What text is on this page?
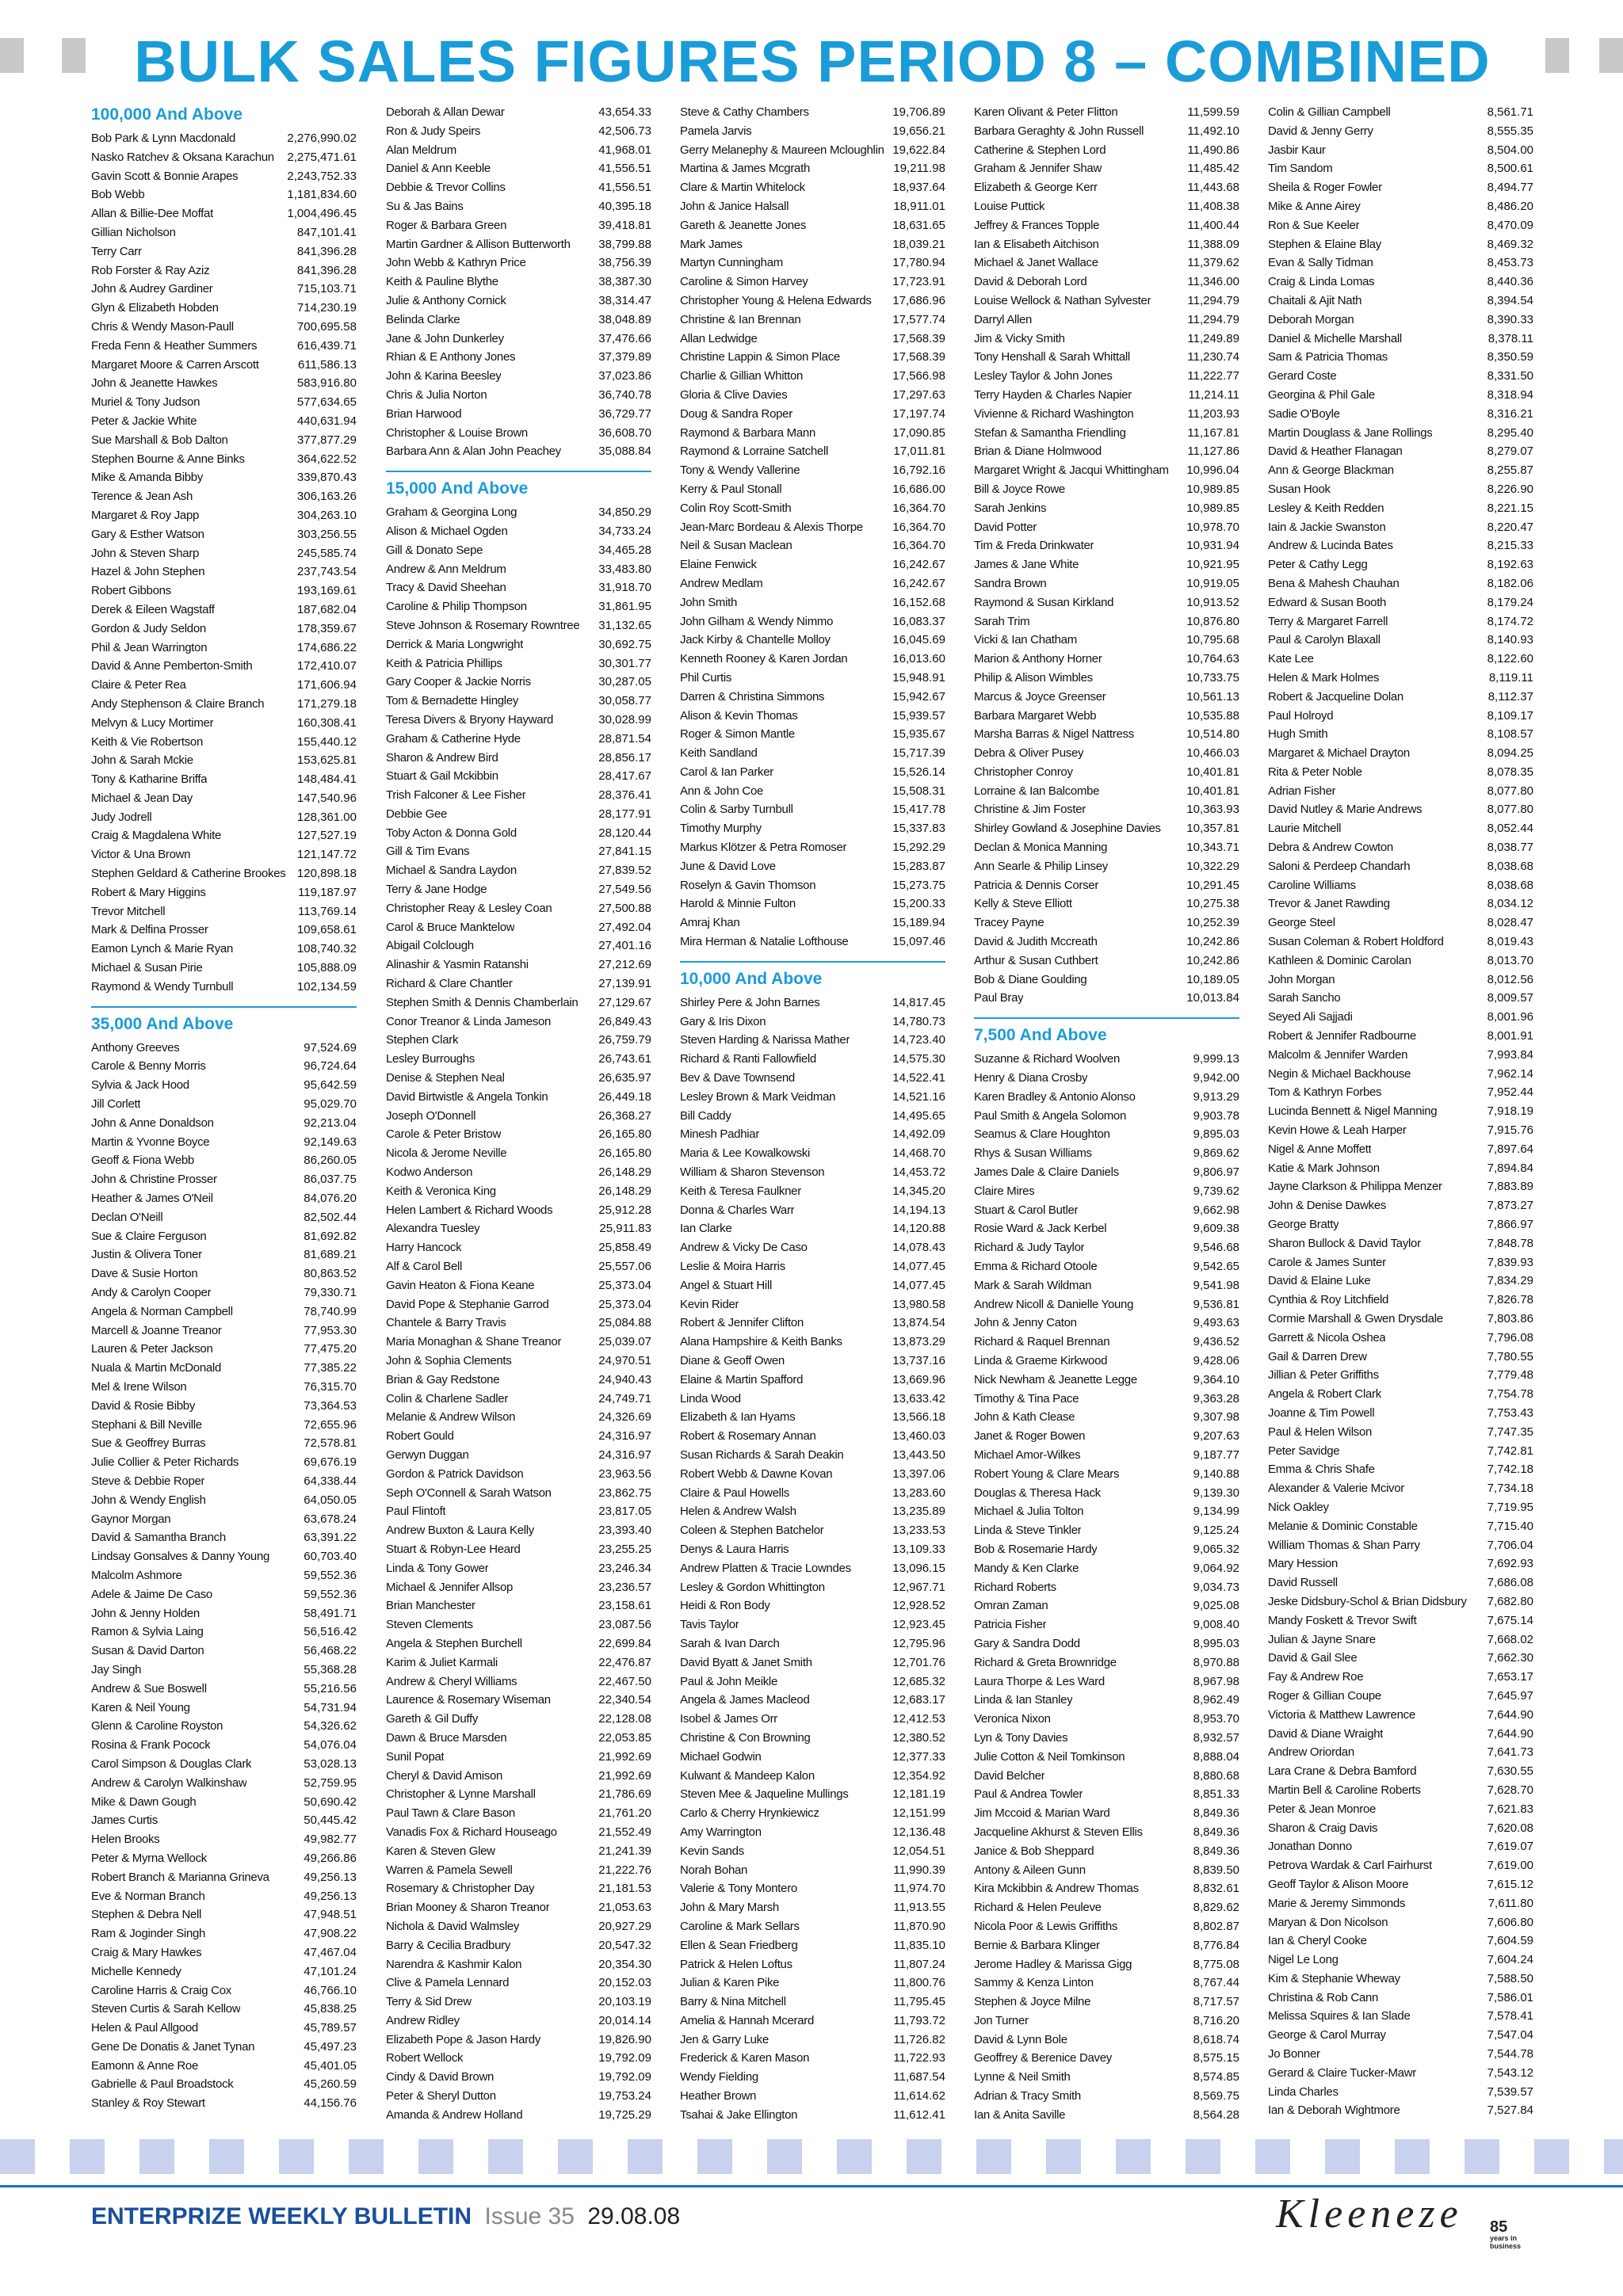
BULK SALES FIGURES PERIOD 8 – COMBINED
100,000 And Above
Bob Park & Lynn Macdonald	2,276,990.02
Nasko Ratchev & Oksana Karachun 2,275,471.61
Gavin Scott & Bonnie Arapes	2,243,752.33
Bob Webb	1,181,834.60
Allan & Billie-Dee Moffat	1,004,496.45
Gillian Nicholson	847,101.41
Terry Carr	841,396.28
Rob Forster & Ray Aziz	841,396.28
John & Audrey Gardiner	715,103.71
Glyn & Elizabeth Hobden	714,230.19
Chris & Wendy Mason-Paull	700,695.58
Freda Fenn & Heather Summers	616,439.71
Margaret Moore & Carren Arscott	611,586.13
John & Jeanette Hawkes	583,916.80
Muriel & Tony Judson	577,634.65
Peter & Jackie White	440,631.94
Sue Marshall & Bob Dalton	377,877.29
Stephen Bourne & Anne Binks	364,622.52
Mike & Amanda Bibby	339,870.43
Terence & Jean Ash	306,163.26
Margaret & Roy Japp	304,263.10
Gary & Esther Watson	303,256.55
John & Steven Sharp	245,585.74
Hazel & John Stephen	237,743.54
Robert Gibbons	193,169.61
Derek & Eileen Wagstaff	187,682.04
Gordon & Judy Seldon	178,359.67
Phil & Jean Warrington	174,686.22
David & Anne Pemberton-Smith	172,410.07
Claire & Peter Rea	171,606.94
Andy Stephenson & Claire Branch	171,279.18
Melvyn & Lucy Mortimer	160,308.41
Keith & Vie Robertson	155,440.12
John & Sarah Mckie	153,625.81
Tony & Katharine Briffa	148,484.41
Michael & Jean Day	147,540.96
Judy Jodrell	128,361.00
Craig & Magdalena White	127,527.19
Victor & Una Brown	121,147.72
Stephen Geldard & Catherine Brookes 120,898.18
Robert & Mary Higgins	119,187.97
Trevor Mitchell	113,769.14
Mark & Delfina Prosser	109,658.61
Eamon Lynch & Marie Ryan	108,740.32
Michael & Susan Pirie	105,888.09
Raymond & Wendy Turnbull	102,134.59
35,000 And Above
Anthony Greeves	97,524.69
Carole & Benny Morris	96,724.64
Sylvia & Jack Hood	95,642.59
Jill Corlett	95,029.70
John & Anne Donaldson	92,213.04
Martin & Yvonne Boyce	92,149.63
Geoff & Fiona Webb	86,260.05
John & Christine Prosser	86,037.75
Heather & James O'Neil	84,076.20
Declan O'Neill	82,502.44
Sue & Claire Ferguson	81,692.82
Justin & Olivera Toner	81,689.21
Dave & Susie Horton	80,863.52
Andy & Carolyn Cooper	79,330.71
Angela & Norman Campbell	78,740.99
Marcell & Joanne Treanor	77,953.30
Lauren & Peter Jackson	77,475.20
Nuala & Martin McDonald	77,385.22
Mel & Irene Wilson	76,315.70
David & Rosie Bibby	73,364.53
Stephani & Bill Neville	72,655.96
Sue & Geoffrey Burras	72,578.81
Julie Collier & Peter Richards	69,676.19
Steve & Debbie Roper	64,338.44
John & Wendy English	64,050.05
Gaynor Morgan	63,678.24
David & Samantha Branch	63,391.22
Lindsay Gonsalves & Danny Young	60,703.40
Malcolm Ashmore	59,552.36
Adele & Jaime De Caso	59,552.36
John & Jenny Holden	58,491.71
Ramon & Sylvia Laing	56,516.42
Susan & David Darton	56,468.22
Jay Singh	55,368.28
Andrew & Sue Boswell	55,216.56
Karen & Neil Young	54,731.94
Glenn & Caroline Royston	54,326.62
Rosina & Frank Pocock	54,076.04
Carol Simpson & Douglas Clark	53,028.13
Andrew & Carolyn Walkinshaw	52,759.95
Mike & Dawn Gough	50,690.42
James Curtis	50,445.42
Helen Brooks	49,982.77
Peter & Myrna Wellock	49,266.86
Robert Branch & Marianna Grineva	49,256.13
Eve & Norman Branch	49,256.13
Stephen & Debra Nell	47,948.51
Ram & Joginder Singh	47,908.22
Craig & Mary Hawkes	47,467.04
Michelle Kennedy	47,101.24
Caroline Harris & Craig Cox	46,766.10
Steven Curtis & Sarah Kellow	45,838.25
Helen & Paul Allgood	45,789.57
Gene De Donatis & Janet Tynan	45,497.23
Eamonn & Anne Roe	45,401.05
Gabrielle & Paul Broadstock	45,260.59
Stanley & Roy Stewart	44,156.76
Deborah & Allan Dewar	43,654.33
Ron & Judy Speirs	42,506.73
Alan Meldrum	41,968.01
Daniel & Ann Keeble	41,556.51
Debbie & Trevor Collins	41,556.51
Su & Jas Bains	40,395.18
Roger & Barbara Green	39,418.81
Martin Gardner & Allison Butterworth 38,799.88
John Webb & Kathryn Price	38,756.39
Keith & Pauline Blythe	38,387.30
Julie & Anthony Cornick	38,314.47
Belinda Clarke	38,048.89
Jane & John Dunkerley	37,476.66
Rhian & E Anthony Jones	37,379.89
John & Karina Beesley	37,023.86
Chris & Julia Norton	36,740.78
Brian Harwood	36,729.77
Christopher & Louise Brown	36,608.70
Barbara Ann & Alan John Peachey	35,088.84
15,000 And Above
Graham & Georgina Long	34,850.29
Alison & Michael Ogden	34,733.24
Gill & Donato Sepe	34,465.28
Andrew & Ann Meldrum	33,483.80
Tracy & David Sheehan	31,918.70
Caroline & Philip Thompson	31,861.95
Steve Johnson & Rosemary Rowntree 31,132.65
Derrick & Maria Longwright	30,692.75
Keith & Patricia Phillips	30,301.77
Gary Cooper & Jackie Norris	30,287.05
Tom & Bernadette Hingley	30,058.77
Teresa Divers & Bryony Hayward	30,028.99
Graham & Catherine Hyde	28,871.54
Sharon & Andrew Bird	28,856.17
Stuart & Gail Mckibbin	28,417.67
Trish Falconer & Lee Fisher	28,376.41
Debbie Gee	28,177.91
Toby Acton & Donna Gold	28,120.44
Gill & Tim Evans	27,841.15
Michael & Sandra Laydon	27,839.52
Terry & Jane Hodge	27,549.56
Christopher Reay & Lesley Coan	27,500.88
Carol & Bruce Manktelow	27,492.04
Abigail Colclough	27,401.16
Alinashir & Yasmin Ratanshi	27,212.69
Richard & Clare Chantler	27,139.91
Stephen Smith & Dennis Chamberlain 27,129.67
Conor Treanor & Linda Jameson	26,849.43
Stephen Clark	26,759.79
Lesley Burroughs	26,743.61
Denise & Stephen Neal	26,635.97
David Birtwistle & Angela Tonkin	26,449.18
Joseph O'Donnell	26,368.27
Carole & Peter Bristow	26,165.80
Nicola & Jerome Neville	26,165.80
Kodwo Anderson	26,148.29
Keith & Veronica King	26,148.29
Helen Lambert & Richard Woods	25,912.28
Alexandra Tuesley	25,911.83
Harry Hancock	25,858.49
Alf & Carol Bell	25,557.06
Gavin Heaton & Fiona Keane	25,373.04
David Pope & Stephanie Garrod	25,373.04
Chantele & Barry Travis	25,084.88
Maria Monaghan & Shane Treanor	25,039.07
John & Sophia Clements	24,970.51
Brian & Gay Redstone	24,940.43
Colin & Charlene Sadler	24,749.71
Melanie & Andrew Wilson	24,326.69
Robert Gould	24,316.97
Gerwyn Duggan	24,316.97
Gordon & Patrick Davidson	23,963.56
Seph O'Connell & Sarah Watson	23,862.75
Paul Flintoft	23,817.05
Andrew Buxton & Laura Kelly	23,393.40
Stuart & Robyn-Lee Heard	23,255.25
Linda & Tony Gower	23,246.34
Michael & Jennifer Allsop	23,236.57
Brian Manchester	23,158.61
Steven Clements	23,087.56
Angela & Stephen Burchell	22,699.84
Karim & Juliet Karmali	22,476.87
Andrew & Cheryl Williams	22,467.50
Laurence & Rosemary Wiseman	22,340.54
Gareth & Gil Duffy	22,128.08
Dawn & Bruce Marsden	22,053.85
Sunil Popat	21,992.69
Cheryl & David Amison	21,992.69
Christopher & Lynne Marshall	21,786.69
Paul Tawn & Clare Bason	21,761.20
Vanadis Fox & Richard Houseago	21,552.49
Karen & Steven Glew	21,241.39
Warren & Pamela Sewell	21,222.76
Rosemary & Christopher Day	21,181.53
Brian Mooney & Sharon Treanor	21,053.63
Nichola & David Walmsley	20,927.29
Barry & Cecilia Bradbury	20,547.32
Narendra & Kashmir Kalon	20,354.30
Clive & Pamela Lennard	20,152.03
Terry & Sid Drew	20,103.19
Andrew Ridley	20,014.14
Elizabeth Pope & Jason Hardy	19,826.90
Robert Wellock	19,792.09
Cindy & David Brown	19,792.09
Peter & Sheryl Dutton	19,753.24
Amanda & Andrew Holland	19,725.29
Steve & Cathy Chambers	19,706.89
Pamela Jarvis	19,656.21
Gerry Melanephy & Maureen Mcloughlin 19,622.84
Martina & James Mcgrath	19,211.98
Clare & Martin Whitelock	18,937.64
John & Janice Halsall	18,911.01
Gareth & Jeanette Jones	18,631.65
Mark James	18,039.21
Martyn Cunningham	17,780.94
Caroline & Simon Harvey	17,723.91
Christopher Young & Helena Edwards 17,686.96
Christine & Ian Brennan	17,577.74
Allan Ledwidge	17,568.39
Christine Lappin & Simon Place	17,568.39
Charlie & Gillian Whitton	17,566.98
Gloria & Clive Davies	17,297.63
Doug & Sandra Roper	17,197.74
Raymond & Barbara Mann	17,090.85
Raymond & Lorraine Satchell	17,011.81
Tony & Wendy Vallerine	16,792.16
Kerry & Paul Stonall	16,686.00
Colin Roy Scott-Smith	16,364.70
Jean-Marc Bordeau & Alexis Thorpe 16,364.70
Neil & Susan Maclean	16,364.70
Elaine Fenwick	16,242.67
Andrew Medlam	16,242.67
John Smith	16,152.68
John Gilham & Wendy Nimmo	16,083.37
Jack Kirby & Chantelle Molloy	16,045.69
Kenneth Rooney & Karen Jordan	16,013.60
Phil Curtis	15,948.91
Darren & Christina Simmons	15,942.67
Alison & Kevin Thomas	15,939.57
Roger & Simon Mantle	15,935.67
Keith Sandland	15,717.39
Carol & Ian Parker	15,526.14
Ann & John Coe	15,508.31
Colin & Sarby Turnbull	15,417.78
Timothy Murphy	15,337.83
Markus Klötzer & Petra Romoser	15,292.29
June & David Love	15,283.87
Roselyn & Gavin Thomson	15,273.75
Harold & Minnie Fulton	15,200.33
Amraj Khan	15,189.94
Mira Herman & Natalie Lofthouse	15,097.46
10,000 And Above
Shirley Pere & John Barnes	14,817.45
Gary & Iris Dixon	14,780.73
Steven Harding & Narissa Mather	14,723.40
Richard & Ranti Fallowfield	14,575.30
Bev & Dave Townsend	14,522.41
Lesley Brown & Mark Veidman	14,521.16
Bill Caddy	14,495.65
Minesh Padhiar	14,492.09
Maria & Lee Kowalkowski	14,468.70
William & Sharon Stevenson	14,453.72
Keith & Teresa Faulkner	14,345.20
Donna & Charles Warr	14,194.13
Ian Clarke	14,120.88
Andrew & Vicky De Caso	14,078.43
Leslie & Moira Harris	14,077.45
Angel & Stuart Hill	14,077.45
Kevin Rider	13,980.58
Robert & Jennifer Clifton	13,874.54
Alana Hampshire & Keith Banks	13,873.29
Diane & Geoff Owen	13,737.16
Elaine & Martin Spafford	13,669.96
Linda Wood	13,633.42
Elizabeth & Ian Hyams	13,566.18
Robert & Rosemary Annan	13,460.03
Susan Richards & Sarah Deakin	13,443.50
Robert Webb & Dawne Kovan	13,397.06
Claire & Paul Howells	13,283.60
Helen & Andrew Walsh	13,235.89
Coleen & Stephen Batchelor	13,233.53
Denys & Laura Harris	13,109.33
Andrew Platten & Tracie Lowndes	13,096.15
Lesley & Gordon Whittington	12,967.71
Heidi & Ron Body	12,928.52
Tavis Taylor	12,923.45
Sarah & Ivan Darch	12,795.96
David Byatt & Janet Smith	12,701.76
Paul & John Meikle	12,685.32
Angela & James Macleod	12,683.17
Isobel & James Orr	12,412.53
Christine & Con Browning	12,380.52
Michael Godwin	12,377.33
Kulwant & Mandeep Kalon	12,354.92
Steven Mee & Jaqueline Mullings	12,181.19
Carlo & Cherry Hrynkiewicz	12,151.99
Amy Warrington	12,136.48
Kevin Sands	12,054.51
Norah Bohan	11,990.39
Valerie & Tony Montero	11,974.70
John & Mary Marsh	11,913.55
Caroline & Mark Sellars	11,870.90
Ellen & Sean Friedberg	11,835.10
Patrick & Helen Loftus	11,807.24
Julian & Karen Pike	11,800.76
Barry & Nina Mitchell	11,795.45
Amelia & Hannah Mcerard	11,793.72
Jen & Garry Luke	11,726.82
Frederick & Karen Mason	11,722.93
Wendy Fielding	11,687.54
Heather Brown	11,614.62
Tsahai & Jake Ellington	11,612.41
Karen Olivant & Peter Flitton	11,599.59
Barbara Geraghty & John Russell	11,492.10
Catherine & Stephen Lord	11,490.86
Graham & Jennifer Shaw	11,485.42
Elizabeth & George Kerr	11,443.68
Louise Puttick	11,408.38
Jeffrey & Frances Topple	11,400.44
Ian & Elisabeth Aitchison	11,388.09
Michael & Janet Wallace	11,379.62
David & Deborah Lord	11,346.00
Louise Wellock & Nathan Sylvester	11,294.79
Darryl Allen	11,294.79
Jim & Vicky Smith	11,249.89
Tony Henshall & Sarah Whittall	11,230.74
Lesley Taylor & John Jones	11,222.77
Terry Hayden & Charles Napier	11,214.11
Vivienne & Richard Washington	11,203.93
Stefan & Samantha Friendling	11,167.81
Brian & Diane Holmwood	11,127.86
Margaret Wright & Jacqui Whittingham 10,996.04
Bill & Joyce Rowe	10,989.85
Sarah Jenkins	10,989.85
David Potter	10,978.70
Tim & Freda Drinkwater	10,931.94
James & Jane White	10,921.95
Sandra Brown	10,919.05
Raymond & Susan Kirkland	10,913.52
Sarah Trim	10,876.80
Vicki & Ian Chatham	10,795.68
Marion & Anthony Horner	10,764.63
Philip & Alison Wimbles	10,733.75
Marcus & Joyce Greenser	10,561.13
Barbara Margaret Webb	10,535.88
Marsha Barras & Nigel Nattress	10,514.80
Debra & Oliver Pusey	10,466.03
Christopher Conroy	10,401.81
Lorraine & Ian Balcombe	10,401.81
Christine & Jim Foster	10,363.93
Shirley Gowland & Josephine Davies 10,357.81
Declan & Monica Manning	10,343.71
Ann Searle & Philip Linsey	10,322.29
Patricia & Dennis Corser	10,291.45
Kelly & Steve Elliott	10,275.38
Tracey Payne	10,252.39
David & Judith Mccreath	10,242.86
Arthur & Susan Cuthbert	10,242.86
Bob & Diane Goulding	10,189.05
Paul Bray	10,013.84
7,500 And Above
Suzanne & Richard Woolven	9,999.13
Henry & Diana Crosby	9,942.00
Karen Bradley & Antonio Alonso	9,913.29
Paul Smith & Angela Solomon	9,903.78
Seamus & Clare Houghton	9,895.03
Rhys & Susan Williams	9,869.62
James Dale & Claire Daniels	9,806.97
Claire Mires	9,739.62
Stuart & Carol Butler	9,662.98
Rosie Ward & Jack Kerbel	9,609.38
Richard & Judy Taylor	9,546.68
Emma & Richard Otoole	9,542.65
Mark & Sarah Wildman	9,541.98
Andrew Nicoll & Danielle Young	9,536.81
John & Jenny Caton	9,493.63
Richard & Raquel Brennan	9,436.52
Linda & Graeme Kirkwood	9,428.06
Nick Newham & Jeanette Legge	9,364.10
Timothy & Tina Pace	9,363.28
John & Kath Clease	9,307.98
Janet & Roger Bowen	9,207.63
Michael Amor-Wilkes	9,187.77
Robert Young & Clare Mears	9,140.88
Douglas & Theresa Hack	9,139.30
Michael & Julia Tolton	9,134.99
Linda & Steve Tinkler	9,125.24
Bob & Rosemarie Hardy	9,065.32
Mandy & Ken Clarke	9,064.92
Richard Roberts	9,034.73
Omran Zaman	9,025.08
Patricia Fisher	9,008.40
Gary & Sandra Dodd	8,995.03
Richard & Greta Brownridge	8,970.88
Laura Thorpe & Les Ward	8,967.98
Linda & Ian Stanley	8,962.49
Veronica Nixon	8,953.70
Lyn & Tony Davies	8,932.57
Julie Cotton & Neil Tomkinson	8,888.04
David Belcher	8,880.68
Paul & Andrea Towler	8,851.33
Jim Mccoid & Marian Ward	8,849.36
Jacqueline Akhurst & Steven Ellis	8,849.36
Janice & Bob Sheppard	8,849.36
Antony & Aileen Gunn	8,839.50
Kira Mckibbin & Andrew Thomas	8,832.61
Richard & Helen Peuleve	8,829.62
Nicola Poor & Lewis Griffiths	8,802.87
Bernie & Barbara Klinger	8,776.84
Jerome Hadley & Marissa Gigg	8,775.08
Sammy & Kenza Linton	8,767.44
Stephen & Joyce Milne	8,717.57
Jon Turner	8,716.20
David & Lynn Bole	8,618.74
Geoffrey & Berenice Davey	8,575.15
Lynne & Neil Smith	8,574.85
Adrian & Tracy Smith	8,569.75
Ian & Anita Saville	8,564.28
Colin & Gillian Campbell	8,561.71
David & Jenny Gerry	8,555.35
Jasbir Kaur	8,504.00
Tim Sandom	8,500.61
Sheila & Roger Fowler	8,494.77
Mike & Anne Airey	8,486.20
Ron & Sue Keeler	8,470.09
Stephen & Elaine Blay	8,469.32
Evan & Sally Tidman	8,453.73
Craig & Linda Lomas	8,440.36
Chaitali & Ajit Nath	8,394.54
Deborah Morgan	8,390.33
Daniel & Michelle Marshall	8,378.11
Sam & Patricia Thomas	8,350.59
Gerard Coste	8,331.50
Georgina & Phil Gale	8,318.94
Sadie O'Boyle	8,316.21
Martin Douglass & Jane Rollings	8,295.40
David & Heather Flanagan	8,279.07
Ann & George Blackman	8,255.87
Susan Hook	8,226.90
Lesley & Keith Redden	8,221.15
Iain & Jackie Swanston	8,220.47
Andrew & Lucinda Bates	8,215.33
Peter & Cathy Legg	8,192.63
Bena & Mahesh Chauhan	8,182.06
Edward & Susan Booth	8,179.24
Terry & Margaret Farrell	8,174.72
Paul & Carolyn Blaxall	8,140.93
Kate Lee	8,122.60
Helen & Mark Holmes	8,119.11
Robert & Jacqueline Dolan	8,112.37
Paul Holroyd	8,109.17
Hugh Smith	8,108.57
Margaret & Michael Drayton	8,094.25
Rita & Peter Noble	8,078.35
Adrian Fisher	8,077.80
David Nutley & Marie Andrews	8,077.80
Laurie Mitchell	8,052.44
Debra & Andrew Cowton	8,038.77
Saloni & Perdeep Chandarh	8,038.68
Caroline Williams	8,038.68
Trevor & Janet Rawding	8,034.12
George Steel	8,028.47
Susan Coleman & Robert Holdford	8,019.43
Kathleen & Dominic Carolan	8,013.70
John Morgan	8,012.56
Sarah Sancho	8,009.57
Seyed Ali Sajjadi	8,001.96
Robert & Jennifer Radbourne	8,001.91
Malcolm & Jennifer Warden	7,993.84
Negin & Michael Backhouse	7,962.14
Tom & Kathryn Forbes	7,952.44
Lucinda Bennett & Nigel Manning	7,918.19
Kevin Howe & Leah Harper	7,915.76
Nigel & Anne Moffett	7,897.64
Katie & Mark Johnson	7,894.84
Jayne Clarkson & Philippa Menzer	7,883.89
John & Denise Dawkes	7,873.27
George Bratty	7,866.97
Sharon Bullock & David Taylor	7,848.78
Carole & James Sunter	7,839.93
David & Elaine Luke	7,834.29
Cynthia & Roy Litchfield	7,826.78
Cormie Marshall & Gwen Drysdale	7,803.86
Garrett & Nicola Oshea	7,796.08
Gail & Darren Drew	7,780.55
Jillian & Peter Griffiths	7,779.48
Angela & Robert Clark	7,754.78
Joanne & Tim Powell	7,753.43
Paul & Helen Wilson	7,747.35
Peter Savidge	7,742.81
Emma & Chris Shafe	7,742.18
Alexander & Valerie Mcivor	7,734.18
Nick Oakley	7,719.95
Melanie & Dominic Constable	7,715.40
William Thomas & Shan Parry	7,706.04
Mary Hession	7,692.93
David Russell	7,686.08
Jeske Didsbury-Schol & Brian Didsbury 7,682.80
Mandy Foskett & Trevor Swift	7,675.14
Julian & Jayne Snare	7,668.02
David & Gail Slee	7,662.30
Fay & Andrew Roe	7,653.17
Roger & Gillian Coupe	7,645.97
Victoria & Matthew Lawrence	7,644.90
David & Diane Wraight	7,644.90
Andrew Oriordan	7,641.73
Lara Crane & Debra Bamford	7,630.55
Martin Bell & Caroline Roberts	7,628.70
Peter & Jean Monroe	7,621.83
Sharon & Craig Davis	7,620.08
Jonathan Donno	7,619.07
Petrova Wardak & Carl Fairhurst	7,619.00
Geoff Taylor & Alison Moore	7,615.12
Marie & Jeremy Simmonds	7,611.80
Maryan & Don Nicolson	7,606.80
Ian & Cheryl Cooke	7,604.59
Nigel Le Long	7,604.24
Kim & Stephanie Wheway	7,588.50
Christina & Rob Cann	7,586.01
Melissa Squires & Ian Slade	7,578.41
George & Carol Murray	7,547.04
Jo Bonner	7,544.78
Gerard & Claire Tucker-Mawr	7,543.12
Linda Charles	7,539.57
Ian & Deborah Wightmore	7,527.84
ENTERPRIZE WEEKLY BULLETIN Issue 35 29.08.08	Kleeneze 85 years in business
